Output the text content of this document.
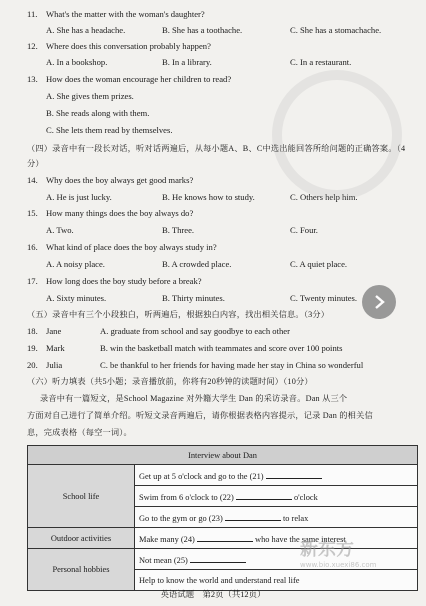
11. What's the matter with the woman's daughter?
A. She has a headache.	B. She has a toothache.	C. She has a stomachache.
12. Where does this conversation probably happen?
A. In a bookshop.	B. In a library.	C. In a restaurant.
13. How does the woman encourage her children to read?
A. She gives them prizes.
B. She reads along with them.
C. She lets them read by themselves.
（四）录音中有一段长对话，听对话两遍后，从每小题A、B、C中选出能回答所给问题的正确答案。（4分）
14. Why does the boy always get good marks?
A. He is just lucky.	B. He knows how to study.	C. Others help him.
15. How many things does the boy always do?
A. Two.	B. Three.	C. Four.
16. What kind of place does the boy always study in?
A. A noisy place.	B. A crowded place.	C. A quiet place.
17. How long does the boy study before a break?
A. Sixty minutes.	B. Thirty minutes.	C. Twenty minutes.
（五）录音中有三个小段独白，听两遍后，根据独白内容，找出相关信息。（3分）
18. Jane	A. graduate from school and say goodbye to each other
19. Mark	B. win the basketball match with teammates and score over 100 points
20. Julia	C. be thankful to her friends for having made her stay in China so wonderful
（六）听力填表（共5小题；录音播放前，你将有20秒钟的读题时间）（10分）
录音中有一篇短文，是School Magazine 对外籍大学生 Dan 的采访录音。Dan 从三个
方面对自己进行了简单介绍。听短文录音两遍后，请你根据表格内容提示，记录 Dan 的相关信
息，完成表格（每空一词）。
Interview about Dan	
School life	Get up at 5 o'clock and go to the (21)
	Swim from 6 o'clock to (22) o'clock
	Go to the gym or go (23) to relax
Outdoor activities	Make many (24) who have the same interest
Personal hobbies	Not mean (25)
	Help to know the world and understand real life
英语试题　第2页（共12页）
新东方
www.bio.xuexi86.com
